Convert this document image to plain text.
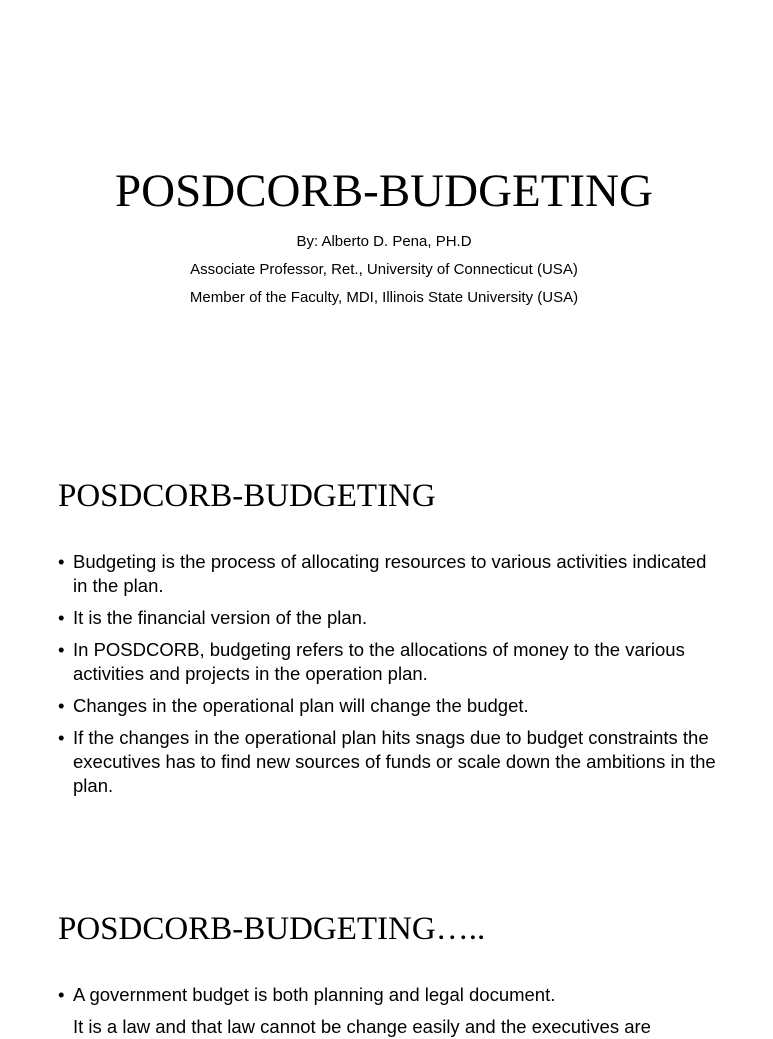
POSDCORB-BUDGETING
By: Alberto D. Pena, PH.D
Associate Professor, Ret., University of Connecticut (USA)
Member of the Faculty, MDI, Illinois State University (USA)
POSDCORB-BUDGETING
• Budgeting is the process of allocating resources to various activities indicated in the plan.
• It is the financial version of the plan.
• In POSDCORB, budgeting refers to the allocations of money to the various activities and projects in the operation plan.
• Changes in the operational plan will change the budget.
• If the changes in the operational plan hits snags due to budget constraints the executives has to find new sources of funds or scale down the ambitions in the plan.
POSDCORB-BUDGETING…..
• A government budget is both planning and legal document.
It is a law and that law cannot be change easily and the executives are
